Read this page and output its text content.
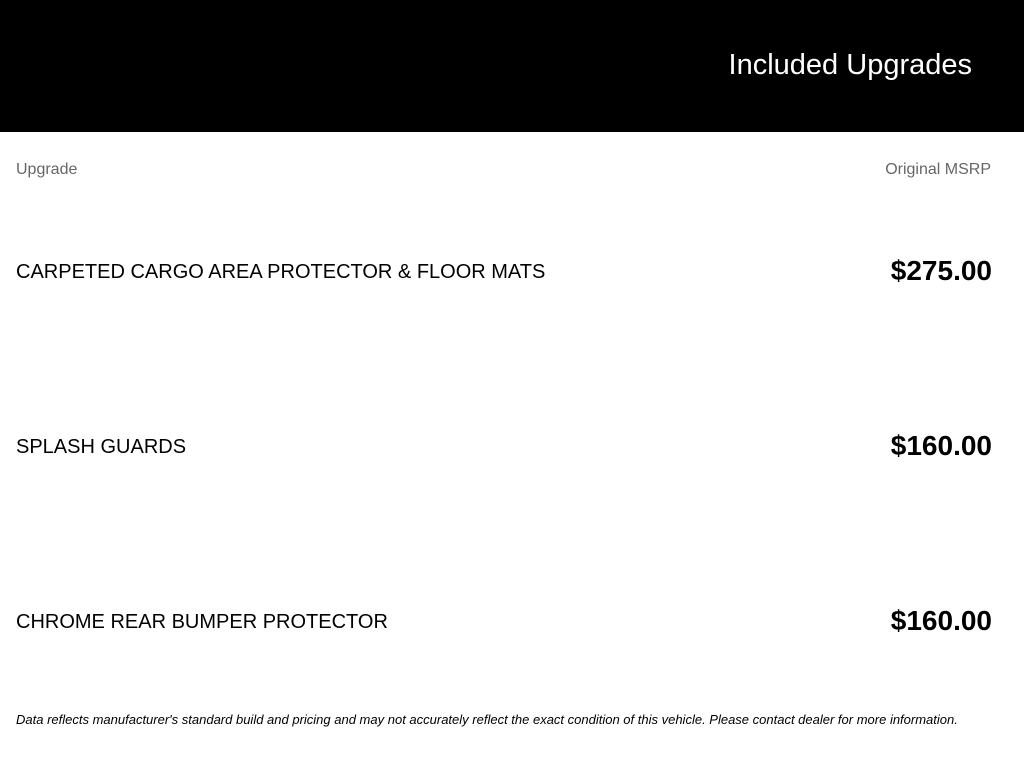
Included Upgrades
Upgrade	Original MSRP
CARPETED CARGO AREA PROTECTOR & FLOOR MATS	$275.00
SPLASH GUARDS	$160.00
CHROME REAR BUMPER PROTECTOR	$160.00
Data reflects manufacturer's standard build and pricing and may not accurately reflect the exact condition of this vehicle. Please contact dealer for more information.
